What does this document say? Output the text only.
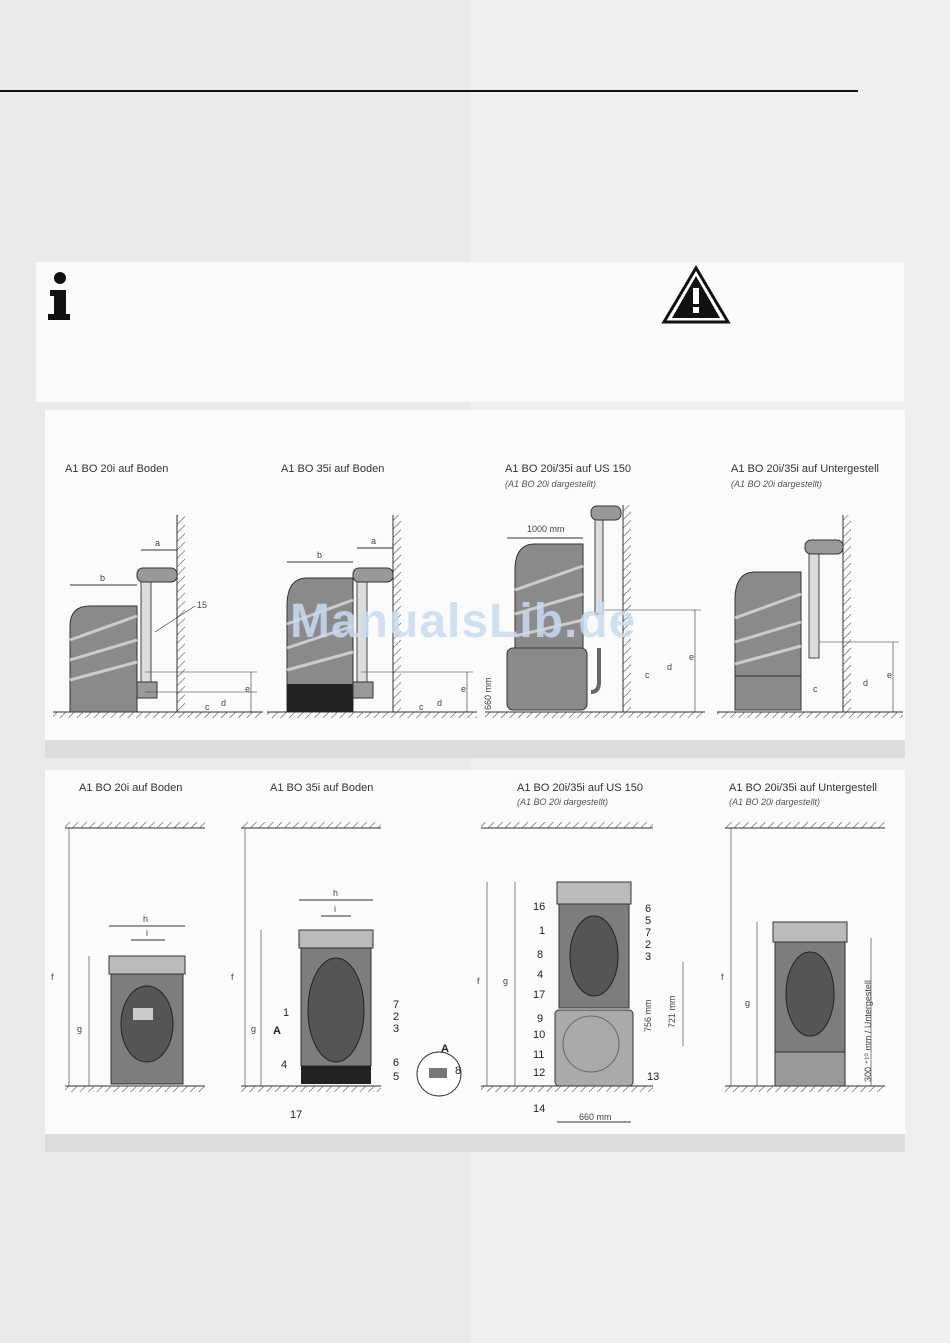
A1 BO 20i auf Boden	A1 BO 35i auf Boden	A1 BO 20i/35i auf US 150
(A1 BO 20i dargestellt)
A1 BO 20i/35i auf Untergestell
(A1 BO 20i dargestellt)
b
a
15
e
d
c
b
a
e
d
c
1000 mm
660 mm
e
d
c	e
d
c
ManualsLib.de
A1 BO 20i auf Boden	A1 BO 35i auf Boden	A1 BO 20i/35i auf US 150
(A1 BO 20i dargestellt)
A1 BO 20i/35i auf Untergestell
(A1 BO 20i dargestellt)
f
g
h
i
f
g
h
i
1
A
4
7
2
3
17
6
5	8
A
f	g
660 mm
721 mm
756 mm
16
1
8
4
17
6
5
7
2
3
9
10
11
12	13
14
f
g	300 ⁺¹⁰ mm / Untergestell
